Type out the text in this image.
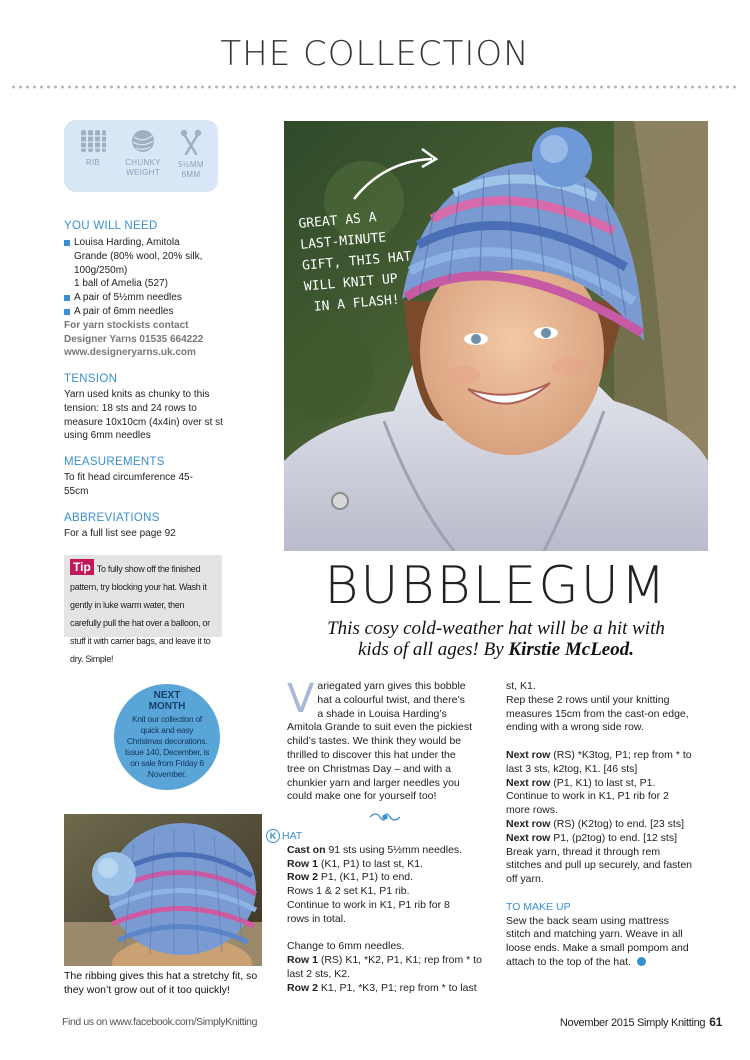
THE COLLECTION
RIB	CHUNKY WEIGHT
5½MM
6MM
YOU WILL NEED
Louisa Harding, Amitola
Grande (80% wool, 20% silk,
100g/250m)
1 ball of Amelia (527)
A pair of 5½mm needles
A pair of 6mm needles
For yarn stockists contact
Designer Yarns 01535 664222
www.designeryarns.uk.com
TENSION
Yarn used knits as chunky to this tension: 18 sts and 24 rows to measure 10x10cm (4x4in) over st st using 6mm needles
MEASUREMENTS
To fit head circumference 45-55cm
ABBREVIATIONS
For a full list see page 92
Tip To fully show off the finished pattern, try blocking your hat. Wash it gently in luke warm water, then carefully pull the hat over a balloon, or stuff it with carrier bags, and leave it to dry. Simple!
NEXT
MONTH
Knit our collection of quick and easy Christmas decorations. Issue 140, December, is on sale from Friday 6 November.
The ribbing gives this hat a stretchy fit, so they won’t grow out of it too quickly!
GREAT AS A
LAST-MINUTE
GIFT, THIS HAT
WILL KNIT UP
IN A FLASH!
BUBBLEGUM
This cosy cold-weather hat will be a hit with
kids of all ages! By Kirstie McLeod.
V ariegated yarn gives this bobble
hat a colourful twist, and there’s
a shade in Louisa Harding’s
Amitola Grande to suit even the pickiest
child’s tastes. We think they would be
thrilled to discover this hat under the
tree on Christmas Day – and with a
chunkier yarn and larger needles you
could make one for yourself too!
K HAT
Cast on 91 sts using 5½mm needles.
Row 1 (K1, P1) to last st, K1.
Row 2 P1, (K1, P1) to end.
Rows 1 & 2 set K1, P1 rib.
Continue to work in K1, P1 rib for 8
rows in total.
Change to 6mm needles.
Row 1 (RS) K1, *K2, P1, K1; rep from * to
last 2 sts, K2.
Row 2 K1, P1, *K3, P1; rep from * to last
st, K1.
Rep these 2 rows until your knitting
measures 15cm from the cast-on edge,
ending with a wrong side row.
Next row (RS) *K3tog, P1; rep from * to
last 3 sts, k2tog, K1. [46 sts]
Next row (P1, K1) to last st, P1.
Continue to work in K1, P1 rib for 2
more rows.
Next row (RS) (K2tog) to end. [23 sts]
Next row P1, (p2tog) to end. [12 sts]
Break yarn, thread it through rem
stitches and pull up securely, and fasten
off yarn.
TO MAKE UP
Sew the back seam using mattress
stitch and matching yarn. Weave in all
loose ends. Make a small pompom and
attach to the top of the hat.
Find us on www.facebook.com/SimplyKnitting	November 2015 Simply Knitting 61
